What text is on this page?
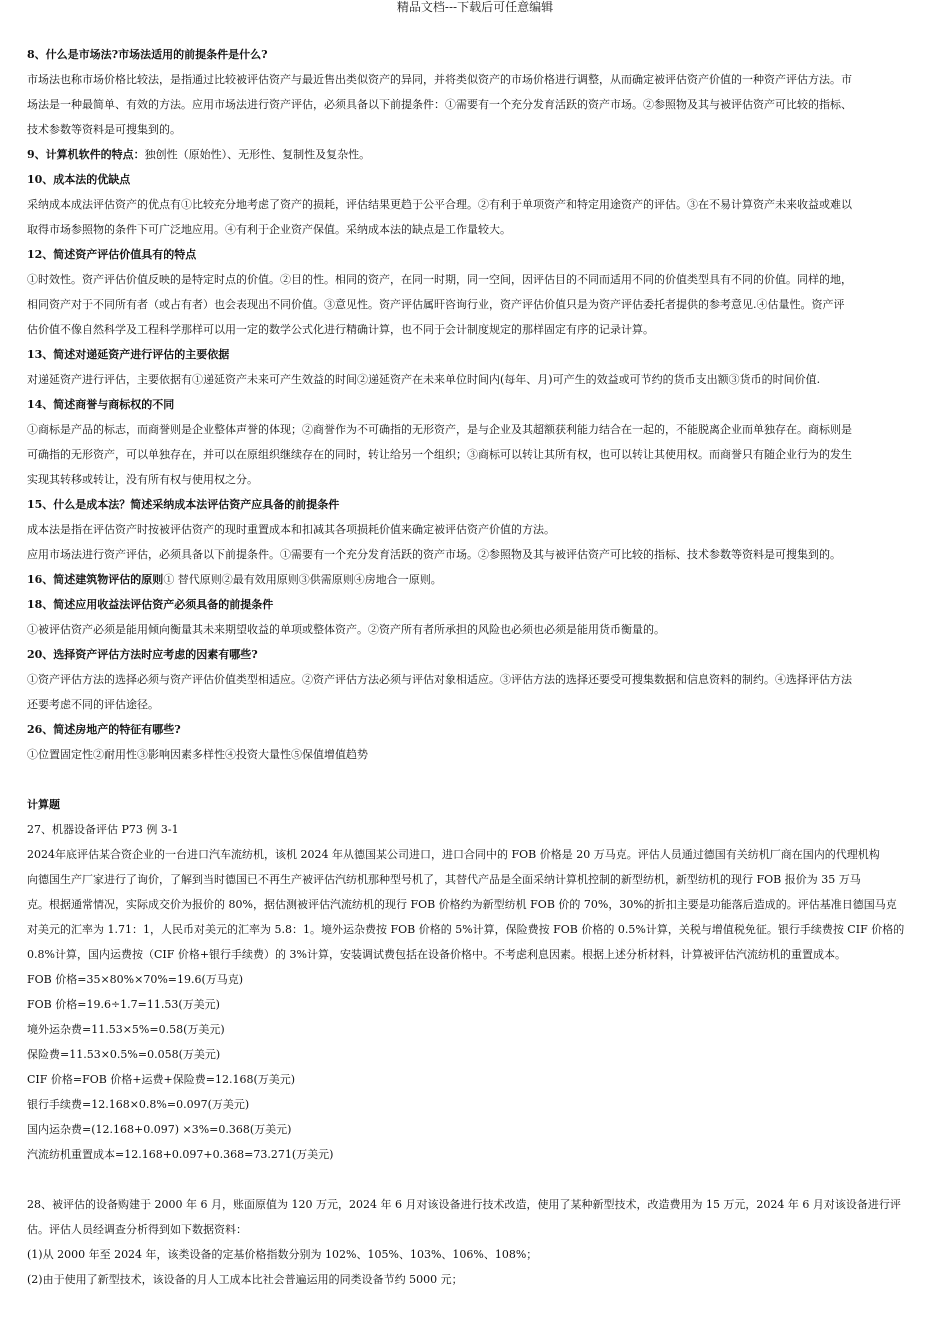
精品文档---下载后可任意编辑
8、什么是市场法?市场法适用的前提条件是什么?
市场法也称市场价格比较法，是指通过比较被评估资产与最近售出类似资产的异同，并将类似资产的市场价格进行调整，从而确定被评估资产价值的一种资产评估方法。市
场法是一种最简单、有效的方法。应用市场法进行资产评估，必须具备以下前提条件：①需要有一个充分发育活跃的资产市场。②参照物及其与被评估资产可比较的指标、
技术参数等资料是可搜集到的。
9、计算机软件的特点：独创性（原始性）、无形性、复制性及复杂性。
10、成本法的优缺点
采纳成本成法评估资产的优点有①比较充分地考虑了资产的损耗，评估结果更趋于公平合理。②有利于单项资产和特定用途资产的评估。③在不易计算资产未来收益或难以
取得市场参照物的条件下可广泛地应用。④有利于企业资产保值。采纳成本法的缺点是工作量较大。
12、简述资产评估价值具有的特点
①时效性。资产评估价值反映的是特定时点的价值。②目的性。相同的资产，在同一时期，同一空间，因评估目的不同而适用不同的价值类型具有不同的价值。同样的地，
相同资产对于不同所有者（或占有者）也会表现出不同价值。③意见性。资产评估属旰咨询行业，资产评估价值只是为资产评估委托者提供的参考意见.④估量性。资产评
估价值不像自然科学及工程科学那样可以用一定的数学公式化进行精确计算，也不同于会计制度规定的那样固定有序的记录计算。
13、简述对递延资产进行评估的主要依据
对递延资产进行评估，主要依据有①递延资产未来可产生效益的时间②递延资产在未来单位时间内(每年、月)可产生的效益或可节约的货币支出额③货币的时间价值.
14、简述商誉与商标权的不同
①商标是产品的标志，而商誉则是企业整体声誉的体现；②商誉作为不可确指的无形资产，是与企业及其超额获利能力结合在一起的，不能脱离企业而单独存在。商标则是
可确指的无形资产，可以单独存在，并可以在原组织继续存在的同时，转让给另一个组织；③商标可以转让其所有权，也可以转让其使用权。而商誉只有随企业行为的发生
实现其转移或转让，没有所有权与使用权之分。
15、什么是成本法？简述采纳成本法评估资产应具备的前提条件
成本法是指在评估资产时按被评估资产的现时重置成本和扣减其各项损耗价值来确定被评估资产价值的方法。
应用市场法进行资产评估，必须具备以下前提条件。①需要有一个充分发育活跃的资产市场。②参照物及其与被评估资产可比较的指标、技术参数等资料是可搜集到的。
16、简述建筑物评估的原则① 替代原则②最有效用原则③供需原则④房地合一原则。
18、简述应用收益法评估资产必须具备的前提条件
①被评估资产必须是能用倾向衡量其未来期望收益的单项或整体资产。②资产所有者所承担的风险也必须也必须是能用货币衡量的。
20、选择资产评估方法时应考虑的因素有哪些?
①资产评估方法的选择必须与资产评估价值类型相适应。②资产评估方法必须与评估对象相适应。③评估方法的选择还要受可搜集数据和信息资料的制约。④选择评估方法
还要考虑不同的评估途径。
26、简述房地产的特征有哪些?
①位置固定性②耐用性③影响因素多样性④投资大量性⑤保值增值趋势
计算题
27、机器设备评估 P73 例 3-1
2024年底评估某合资企业的一台进口汽车流纺机，该机 2024 年从德国某公司进口，进口合同中的 FOB 价格是 20 万马克。评估人员通过德国有关纺机厂商在国内的代理机构
向德国生产厂家进行了询价，了解到当时德国已不再生产被评估汽纺机那种型号机了，其替代产品是全面采纳计算机控制的新型纺机，新型纺机的现行 FOB 报价为 35 万马
克。根据通常情况，实际成交价为报价的 80%，据估测被评估汽流纺机的现行 FOB 价格约为新型纺机 FOB 价的 70%，30%的折扣主要是功能落后造成的。评估基准日德国马克
对美元的汇率为 1.71：1，人民币对美元的汇率为 5.8：1。境外运杂费按 FOB 价格的 5%计算，保险费按 FOB 价格的 0.5%计算，关税与增值税免征。银行手续费按 CIF 价格的
0.8%计算，国内运费按（CIF 价格+银行手续费）的 3%计算，安装调试费包括在设备价格中。不考虑利息因素。根据上述分析材料，计算被评估汽流纺机的重置成本。
FOB 价格=35×80%×70%=19.6(万马克)
FOB 价格=19.6÷1.7=11.53(万美元)
境外运杂费=11.53×5%=0.58(万美元)
保险费=11.53×0.5%=0.058(万美元)
CIF 价格=FOB 价格+运费+保险费=12.168(万美元)
银行手续费=12.168×0.8%=0.097(万美元)
国内运杂费=(12.168+0.097) ×3%=0.368(万美元)
汽流纺机重置成本=12.168+0.097+0.368=73.271(万美元)
28、被评估的设备购建于 2000 年 6 月，账面原值为 120 万元，2024 年 6 月对该设备进行技术改造，使用了某种新型技术，改造费用为 15 万元，2024 年 6 月对该设备进行评
估。评估人员经调查分析得到如下数据资料：
(1)从 2000 年至 2024 年，该类设备的定基价格指数分别为 102%、105%、103%、106%、108%；
(2)由于使用了新型技术，该设备的月人工成本比社会普遍运用的同类设备节约 5000 元；
